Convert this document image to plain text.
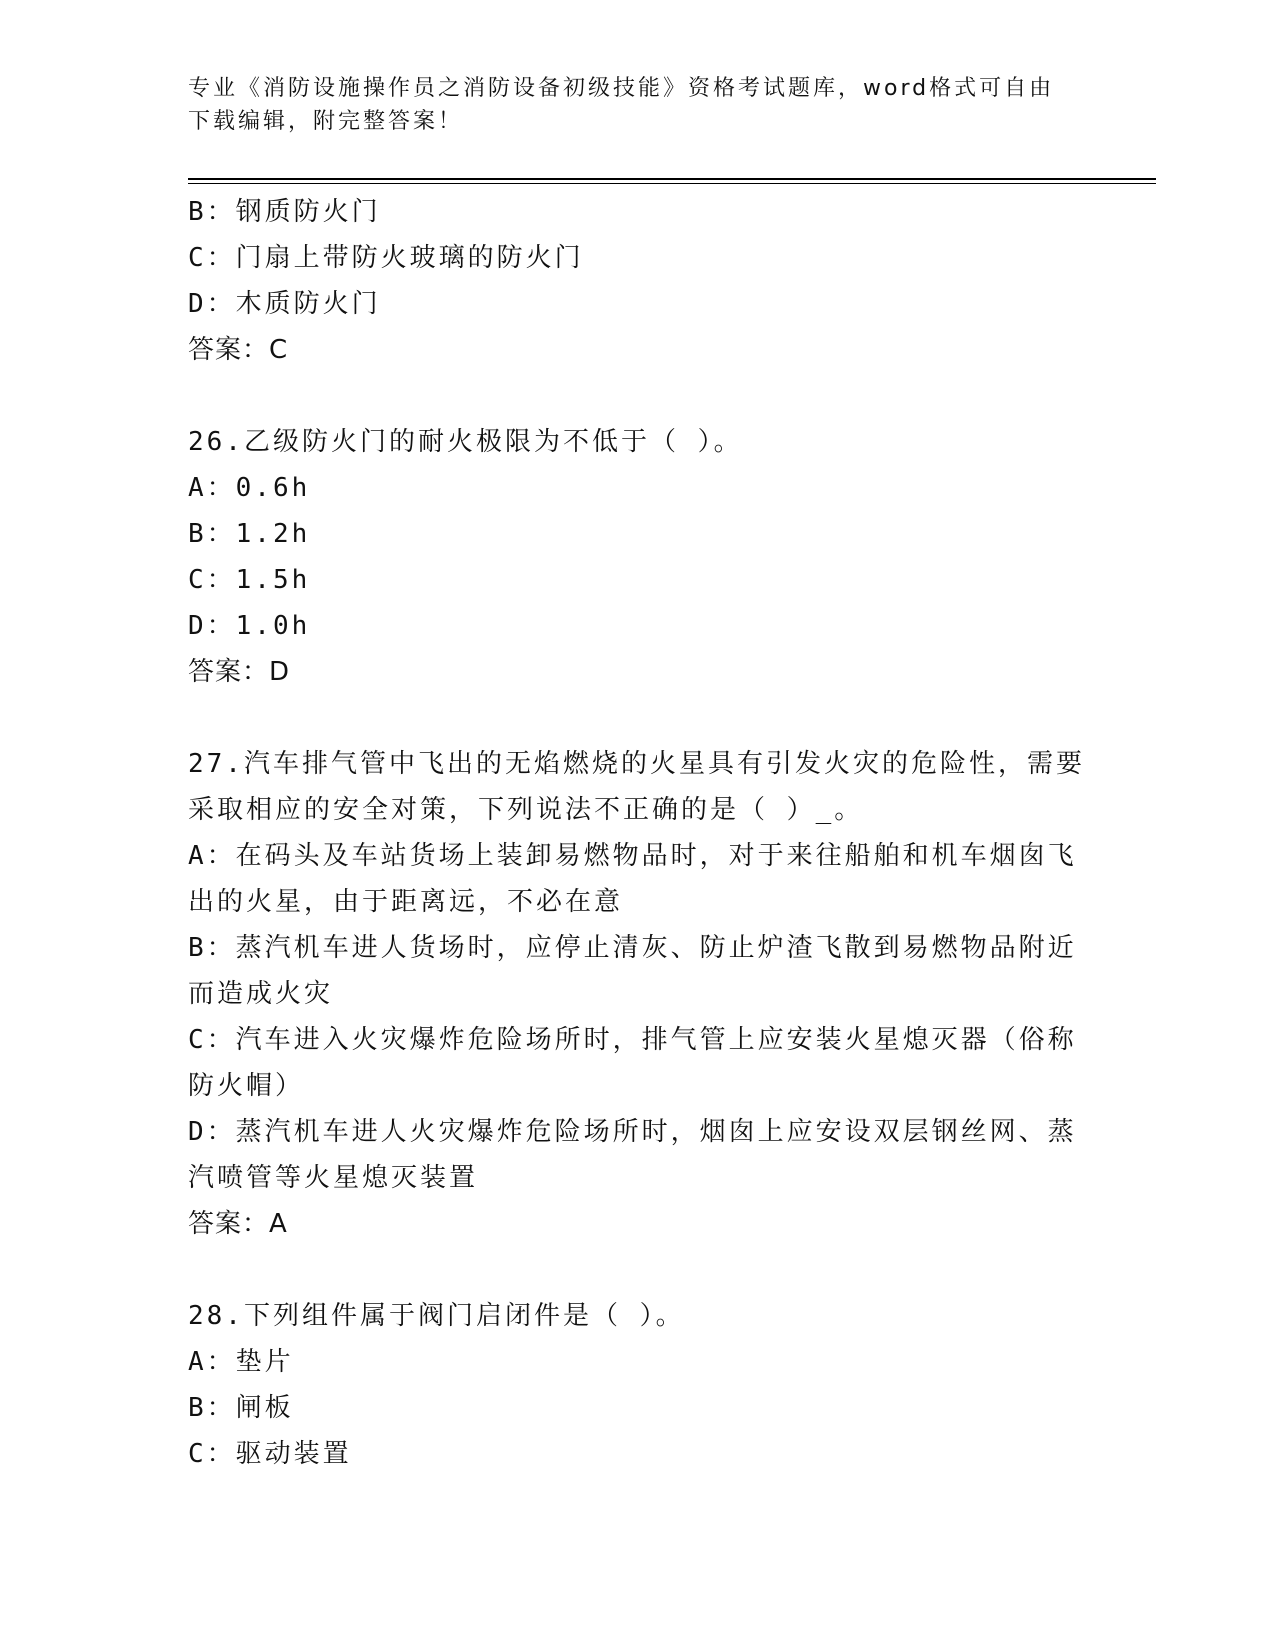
专业《消防设施操作员之消防设备初级技能》资格考试题库，word格式可自由下载编辑，附完整答案！
B：钢质防火门
C：门扇上带防火玻璃的防火门
D：木质防火门
答案：C
26.乙级防火门的耐火极限为不低于（ ）。
A：0.6h
B：1.2h
C：1.5h
D：1.0h
答案：D
27.汽车排气管中飞出的无焰燃烧的火星具有引发火灾的危险性，需要采取相应的安全对策，下列说法不正确的是（ ）_。
A：在码头及车站货场上装卸易燃物品时，对于来往船舶和机车烟囱飞出的火星，由于距离远，不必在意
B：蒸汽机车进人货场时，应停止清灰、防止炉渣飞散到易燃物品附近而造成火灾
C：汽车进入火灾爆炸危险场所时，排气管上应安装火星熄灭器（俗称防火帽）
D：蒸汽机车进人火灾爆炸危险场所时，烟囱上应安设双层钢丝网、蒸汽喷管等火星熄灭装置
答案：A
28.下列组件属于阀门启闭件是（ ）。
A：垫片
B：闸板
C：驱动装置
